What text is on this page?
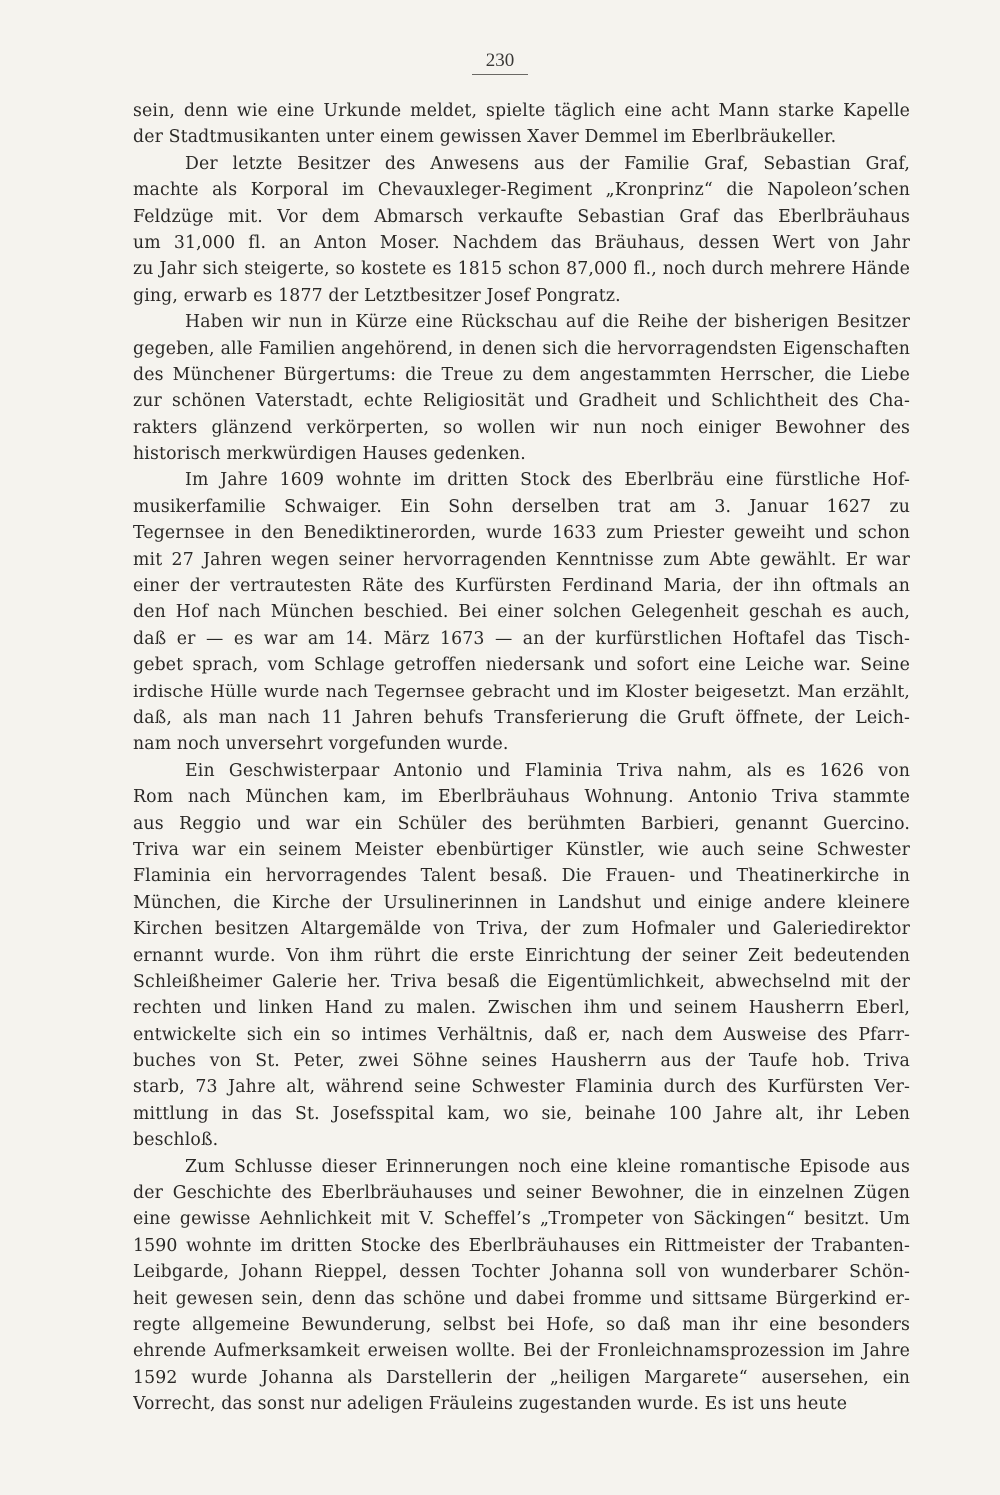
230
sein, denn wie eine Urkunde meldet, spielte täglich eine acht Mann starke Kapelle
der Stadtmusikanten unter einem gewissen Xaver Demmel im Eberlbräukeller.
Der letzte Besitzer des Anwesens aus der Familie Graf, Sebastian Graf,
machte als Korporal im Chevauxleger-Regiment „Kronprinz“ die Napoleon’schen
Feldzüge mit. Vor dem Abmarsch verkaufte Sebastian Graf das Eberlbräuhaus
um 31,000 fl. an Anton Moser. Nachdem das Bräuhaus, dessen Wert von Jahr
zu Jahr sich steigerte, so kostete es 1815 schon 87,000 fl., noch durch mehrere Hände
ging, erwarb es 1877 der Letztbesitzer Josef Pongratz.
Haben wir nun in Kürze eine Rückschau auf die Reihe der bisherigen Besitzer
gegeben, alle Familien angehörend, in denen sich die hervorragendsten Eigenschaften
des Münchener Bürgertums: die Treue zu dem angestammten Herrscher, die Liebe
zur schönen Vaterstadt, echte Religiosität und Gradheit und Schlichtheit des Cha-
rakters glänzend verkörperten, so wollen wir nun noch einiger Bewohner des
historisch merkwürdigen Hauses gedenken.
Im Jahre 1609 wohnte im dritten Stock des Eberlbräu eine fürstliche Hof-
musikerfamilie Schwaiger. Ein Sohn derselben trat am 3. Januar 1627 zu
Tegernsee in den Benediktinerorden, wurde 1633 zum Priester geweiht und schon
mit 27 Jahren wegen seiner hervorragenden Kenntnisse zum Abte gewählt. Er war
einer der vertrautesten Räte des Kurfürsten Ferdinand Maria, der ihn oftmals an
den Hof nach München beschied. Bei einer solchen Gelegenheit geschah es auch,
daß er — es war am 14. März 1673 — an der kurfürstlichen Hoftafel das Tisch-
gebet sprach, vom Schlage getroffen niedersank und sofort eine Leiche war. Seine
irdische Hülle wurde nach Tegernsee gebracht und im Kloster beigesetzt. Man erzählt,
daß, als man nach 11 Jahren behufs Transferierung die Gruft öffnete, der Leich-
nam noch unversehrt vorgefunden wurde.
Ein Geschwisterpaar Antonio und Flaminia Triva nahm, als es 1626 von
Rom nach München kam, im Eberlbräuhaus Wohnung. Antonio Triva stammte
aus Reggio und war ein Schüler des berühmten Barbieri, genannt Guercino.
Triva war ein seinem Meister ebenbürtiger Künstler, wie auch seine Schwester
Flaminia ein hervorragendes Talent besaß. Die Frauen- und Theatinerkirche in
München, die Kirche der Ursulinerinnen in Landshut und einige andere kleinere
Kirchen besitzen Altargemälde von Triva, der zum Hofmaler und Galeriedirektor
ernannt wurde. Von ihm rührt die erste Einrichtung der seiner Zeit bedeutenden
Schleißheimer Galerie her. Triva besaß die Eigentümlichkeit, abwechselnd mit der
rechten und linken Hand zu malen. Zwischen ihm und seinem Hausherrn Eberl,
entwickelte sich ein so intimes Verhältnis, daß er, nach dem Ausweise des Pfarr-
buches von St. Peter, zwei Söhne seines Hausherrn aus der Taufe hob. Triva
starb, 73 Jahre alt, während seine Schwester Flaminia durch des Kurfürsten Ver-
mittlung in das St. Josefsspital kam, wo sie, beinahe 100 Jahre alt, ihr Leben
beschloß.
Zum Schlusse dieser Erinnerungen noch eine kleine romantische Episode aus
der Geschichte des Eberlbräuhauses und seiner Bewohner, die in einzelnen Zügen
eine gewisse Aehnlichkeit mit V. Scheffel’s „Trompeter von Säckingen“ besitzt. Um
1590 wohnte im dritten Stocke des Eberlbräuhauses ein Rittmeister der Trabanten-
Leibgarde, Johann Rieppel, dessen Tochter Johanna soll von wunderbarer Schön-
heit gewesen sein, denn das schöne und dabei fromme und sittsame Bürgerkind er-
regte allgemeine Bewunderung, selbst bei Hofe, so daß man ihr eine besonders
ehrende Aufmerksamkeit erweisen wollte. Bei der Fronleichnamsprozession im Jahre
1592 wurde Johanna als Darstellerin der „heiligen Margarete“ ausersehen, ein
Vorrecht, das sonst nur adeligen Fräuleins zugestanden wurde. Es ist uns heute
